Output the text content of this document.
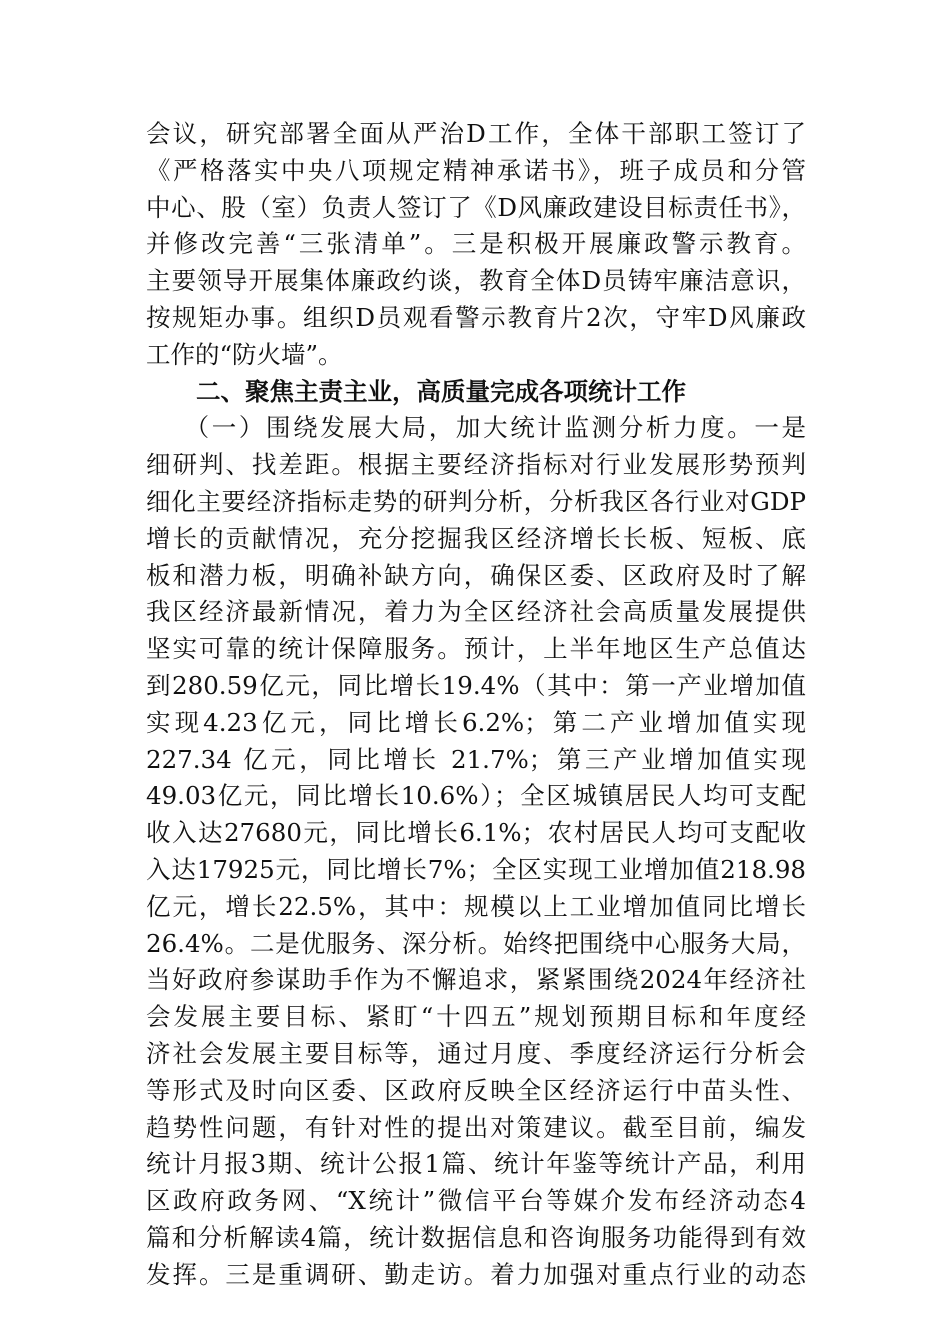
会议，研究部署全面从严治D工作，全体干部职工签订了
《严格落实中央八项规定精神承诺书》，班子成员和分管
中心、股（室）负责人签订了《D风廉政建设目标责任书》，
并修改完善“三张清单”。三是积极开展廉政警示教育。
主要领导开展集体廉政约谈，教育全体D员铸牢廉洁意识，
按规矩办事。组织D员观看警示教育片2次，守牢D风廉政
工作的“防火墙”。
二、聚焦主责主业，高质量完成各项统计工作
（一）围绕发展大局，加大统计监测分析力度。一是
细研判、找差距。根据主要经济指标对行业发展形势预判
细化主要经济指标走势的研判分析，分析我区各行业对GDP
增长的贡献情况，充分挖掘我区经济增长长板、短板、底
板和潜力板，明确补缺方向，确保区委、区政府及时了解
我区经济最新情况，着力为全区经济社会高质量发展提供
坚实可靠的统计保障服务。预计，上半年地区生产总值达
到280.59亿元，同比增长19.4%（其中：第一产业增加值
实现4.23亿元，同比增长6.2%；第二产业增加值实现
227.34 亿元，同比增长 21.7%；第三产业增加值实现
49.03亿元，同比增长10.6%）；全区城镇居民人均可支配
收入达27680元，同比增长6.1%；农村居民人均可支配收
入达17925元，同比增长7%；全区实现工业增加值218.98
亿元，增长22.5%，其中：规模以上工业增加值同比增长
26.4%。二是优服务、深分析。始终把围绕中心服务大局，
当好政府参谋助手作为不懈追求，紧紧围绕2024年经济社
会发展主要目标、紧盯“十四五”规划预期目标和年度经
济社会发展主要目标等，通过月度、季度经济运行分析会
等形式及时向区委、区政府反映全区经济运行中苗头性、
趋势性问题，有针对性的提出对策建议。截至目前，编发
统计月报3期、统计公报1篇、统计年鉴等统计产品，利用
区政府政务网、“X统计”微信平台等媒介发布经济动态4
篇和分析解读4篇，统计数据信息和咨询服务功能得到有效
发挥。三是重调研、勤走访。着力加强对重点行业的动态
